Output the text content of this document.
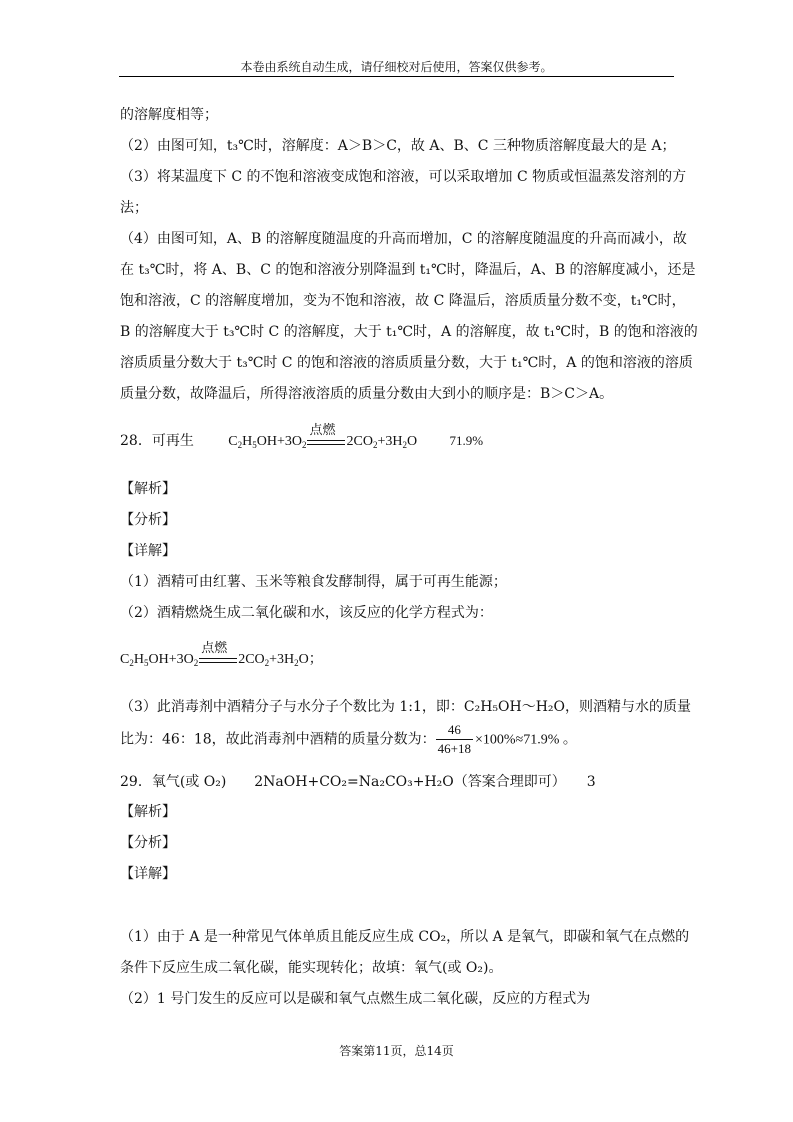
本卷由系统自动生成，请仔细校对后使用，答案仅供参考。
的溶解度相等；
（2）由图可知，t₃℃时，溶解度：A＞B＞C，故 A、B、C 三种物质溶解度最大的是 A；
（3）将某温度下 C 的不饱和溶液变成饱和溶液，可以采取增加 C 物质或恒温蒸发溶剂的方
法；
（4）由图可知，A、B 的溶解度随温度的升高而增加，C 的溶解度随温度的升高而减小，故
在 t₃℃时，将 A、B、C 的饱和溶液分别降温到 t₁℃时，降温后，A、B 的溶解度减小，还是
饱和溶液，C 的溶解度增加，变为不饱和溶液，故 C 降温后，溶质质量分数不变，t₁℃时，
B 的溶解度大于 t₃℃时 C 的溶解度，大于 t₁℃时，A 的溶解度，故 t₁℃时，B 的饱和溶液的
溶质质量分数大于 t₃℃时 C 的饱和溶液的溶质质量分数，大于 t₁℃时，A 的饱和溶液的溶质
质量分数，故降温后，所得溶液溶质的质量分数由大到小的顺序是：B＞C＞A。
28．可再生 $C_2H_5OH+3O_2$
点燃
$2CO_2+3H_2O$ 71.9%
【解析】
【分析】
【详解】
（1）酒精可由红薯、玉米等粮食发酵制得，属于可再生能源；
（2）酒精燃烧生成二氧化碳和水，该反应的化学方程式为：
$C_2H_5OH+3O_2$
点燃
$2CO_2+3H_2O$；
（3）此消毒剂中酒精分子与水分子个数比为 1:1，即：C₂H₅OH～H₂O，则酒精与水的质量
比为：46：18，故此消毒剂中酒精的质量分数为： $\frac{46}{46+18} \times 100\%\approx 71.9\%$ 。
29．氧气(或 O₂)　　2NaOH+CO₂=Na₂CO₃+H₂O（答案合理即可）　　3
【解析】
【分析】
【详解】
（1）由于 A 是一种常见气体单质且能反应生成 CO₂，所以 A 是氧气，即碳和氧气在点燃的
条件下反应生成二氧化碳，能实现转化；故填：氧气(或 O₂)。
（2）1 号门发生的反应可以是碳和氧气点燃生成二氧化碳，反应的方程式为
答案第11页，总14页
